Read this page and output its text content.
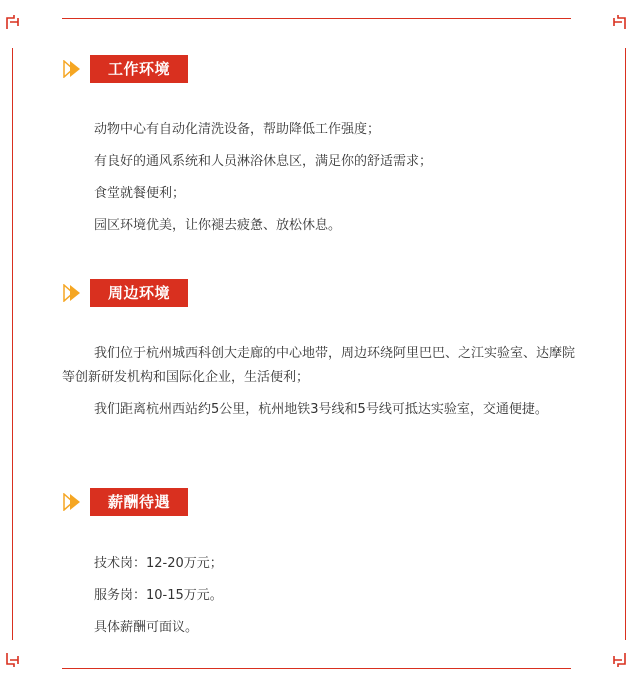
工作环境

动物中心有自动化清洗设备，帮助降低工作强度；

有良好的通风系统和人员淋浴休息区，满足你的舒适需求；

食堂就餐便利；

园区环境优美，让你褪去疲惫、放松休息。

周边环境

我们位于杭州城西科创大走廊的中心地带，周边环绕阿里巴巴、之江实验室、达摩院等创新研发机构和国际化企业，生活便利；

我们距离杭州西站约5公里，杭州地铁3号线和5号线可抵达实验室，交通便捷。

薪酬待遇

技术岗：12-20万元；

服务岗：10-15万元。

具体薪酬可面议。
